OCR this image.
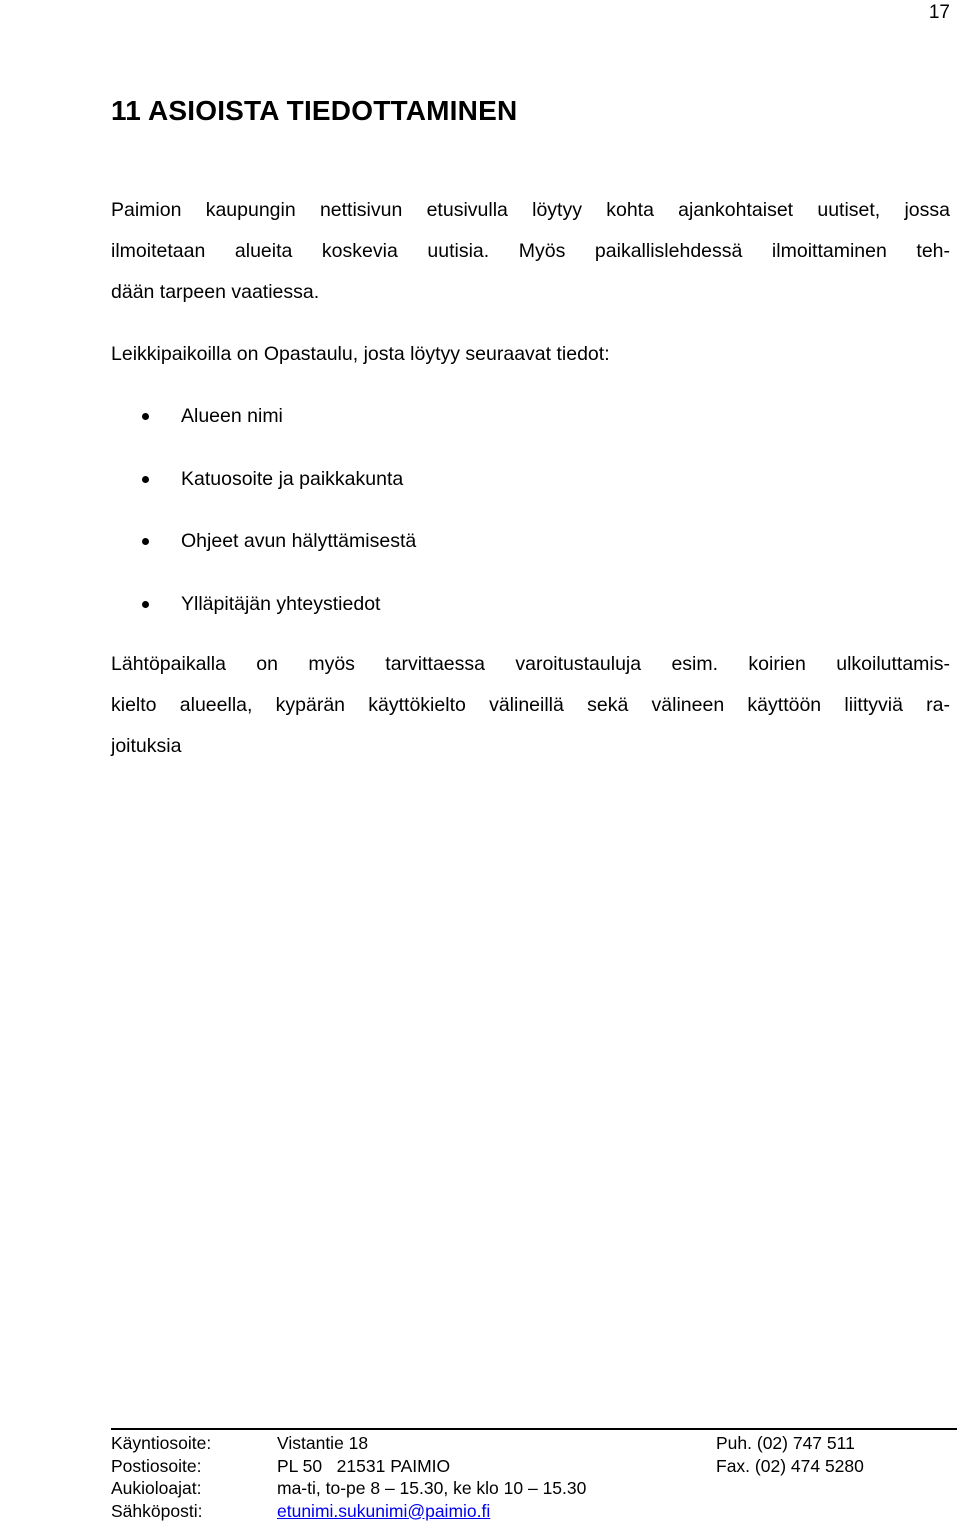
17
11 ASIOISTA TIEDOTTAMINEN

Paimion kaupungin nettisivun etusivulla löytyy kohta ajankohtaiset uutiset, jossa
ilmoitetaan alueita koskevia uutisia. Myös paikallislehdessä ilmoittaminen teh-
dään tarpeen vaatiessa.

Leikkipaikoilla on Opastaulu, josta löytyy seuraavat tiedot:

Alueen nimi
Katuosoite ja paikkakunta
Ohjeet avun hälyttämisestä
Ylläpitäjän yhteystiedot

Lähtöpaikalla on myös tarvittaessa varoitustauluja esim. koirien ulkoiluttamis-
kielto alueella, kypärän käyttökielto välineillä sekä välineen käyttöön liittyviä ra-
joituksia

Käyntiosoite:	Vistantie 18	Puh. (02) 747 511
Postiosoite:	PL 50   21531 PAIMIO	Fax. (02) 474 5280
Aukioloajat:	ma-ti, to-pe 8 – 15.30, ke klo 10 – 15.30
Sähköposti:	etunimi.sukunimi@paimio.fi
